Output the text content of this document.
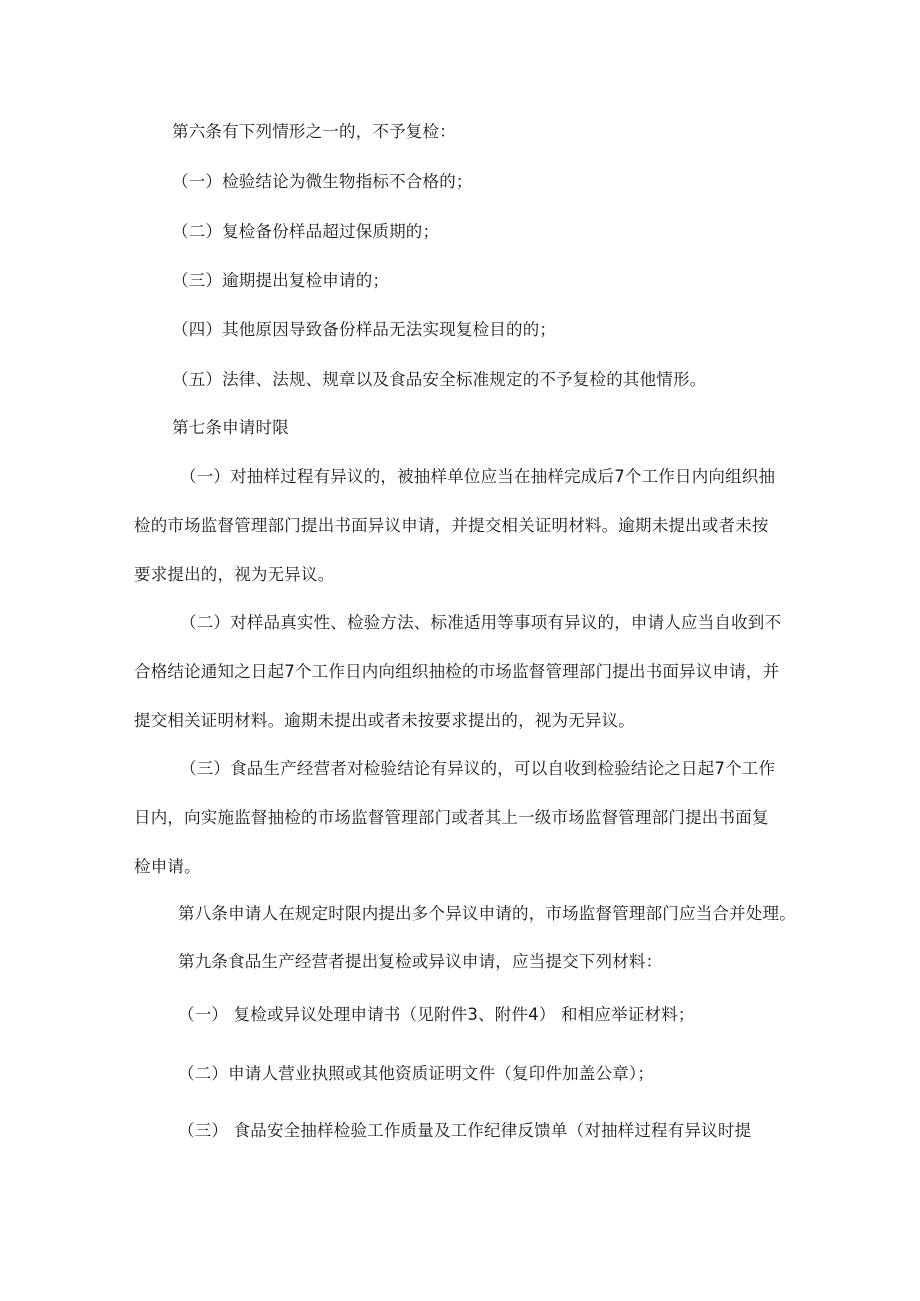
第六条有下列情形之一的，不予复检：
（一）检验结论为微生物指标不合格的；
（二）复检备份样品超过保质期的；
（三）逾期提出复检申请的；
（四）其他原因导致备份样品无法实现复检目的的；
（五）法律、法规、规章以及食品安全标准规定的不予复检的其他情形。
第七条申请时限
（一）对抽样过程有异议的，被抽样单位应当在抽样完成后7个工作日内向组织抽
检的市场监督管理部门提出书面异议申请，并提交相关证明材料。逾期未提出或者未按
要求提出的，视为无异议。
（二）对样品真实性、检验方法、标准适用等事项有异议的，申请人应当自收到不
合格结论通知之日起7个工作日内向组织抽检的市场监督管理部门提出书面异议申请，并
提交相关证明材料。逾期未提出或者未按要求提出的，视为无异议。
（三）食品生产经营者对检验结论有异议的，可以自收到检验结论之日起7个工作
日内，向实施监督抽检的市场监督管理部门或者其上一级市场监督管理部门提出书面复
检申请。
第八条申请人在规定时限内提出多个异议申请的，市场监督管理部门应当合并处理。
第九条食品生产经营者提出复检或异议申请，应当提交下列材料：
（一） 复检或异议处理申请书（见附件3、附件4） 和相应举证材料；
（二）申请人营业执照或其他资质证明文件（复印件加盖公章）；
（三） 食品安全抽样检验工作质量及工作纪律反馈单（对抽样过程有异议时提
